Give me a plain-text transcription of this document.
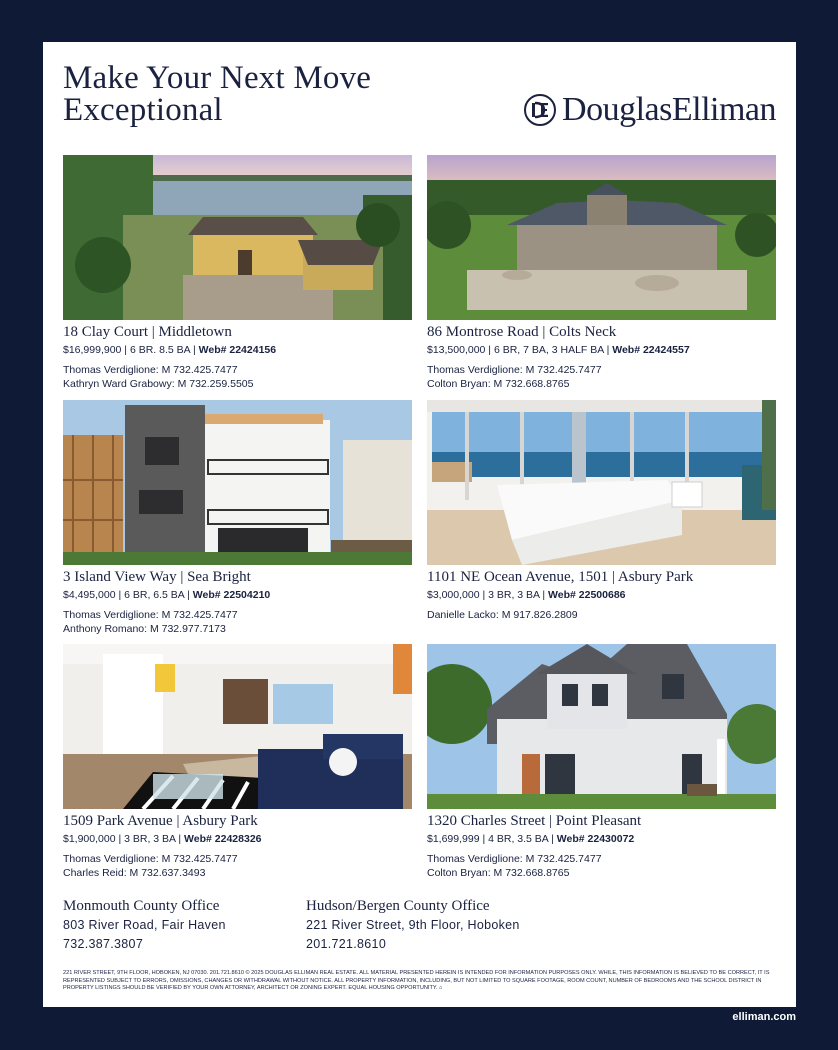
Make Your Next Move
Exceptional	DouglasElliman
18 Clay Court | Middletown
$16,999,900 | 6 BR. 8.5 BA | Web# 22424156
Thomas Verdiglione: M 732.425.7477
Kathryn Ward Grabowy: M 732.259.5505
86 Montrose Road | Colts Neck
$13,500,000 | 6 BR, 7 BA, 3 HALF BA | Web# 22424557
Thomas Verdiglione: M 732.425.7477
Colton Bryan: M 732.668.8765
3 Island View Way | Sea Bright
$4,495,000 | 6 BR, 6.5 BA | Web# 22504210
Thomas Verdiglione: M 732.425.7477
Anthony Romano: M 732.977.7173
1101 NE Ocean Avenue, 1501 | Asbury Park
$3,000,000 | 3 BR, 3 BA | Web# 22500686
Danielle Lacko: M 917.826.2809
1509 Park Avenue | Asbury Park
$1,900,000 | 3 BR, 3 BA | Web# 22428326
Thomas Verdiglione: M 732.425.7477
Charles Reid: M 732.637.3493
1320 Charles Street | Point Pleasant
$1,699,999 | 4 BR, 3.5 BA | Web# 22430072
Thomas Verdiglione: M 732.425.7477
Colton Bryan: M 732.668.8765
Monmouth County Office
803 River Road, Fair Haven
732.387.3807
Hudson/Bergen County Office
221 River Street, 9th Floor, Hoboken
201.721.8610
221 RIVER STREET, 9TH FLOOR, HOBOKEN, NJ 07030. 201.721.8610 © 2025 DOUGLAS ELLIMAN REAL ESTATE. ALL MATERIAL PRESENTED HEREIN IS INTENDED FOR INFORMATION PURPOSES ONLY. WHILE, THIS INFORMATION IS BELIEVED TO BE CORRECT, IT IS REPRESENTED SUBJECT TO ERRORS, OMISSIONS, CHANGES OR WITHDRAWAL WITHOUT NOTICE. ALL PROPERTY INFORMATION, INCLUDING, BUT NOT LIMITED TO SQUARE FOOTAGE, ROOM COUNT, NUMBER OF BEDROOMS AND THE SCHOOL DISTRICT IN PROPERTY LISTINGS SHOULD BE VERIFIED BY YOUR OWN ATTORNEY, ARCHITECT OR ZONING EXPERT. EQUAL HOUSING OPPORTUNITY. ⌂
elliman.com
